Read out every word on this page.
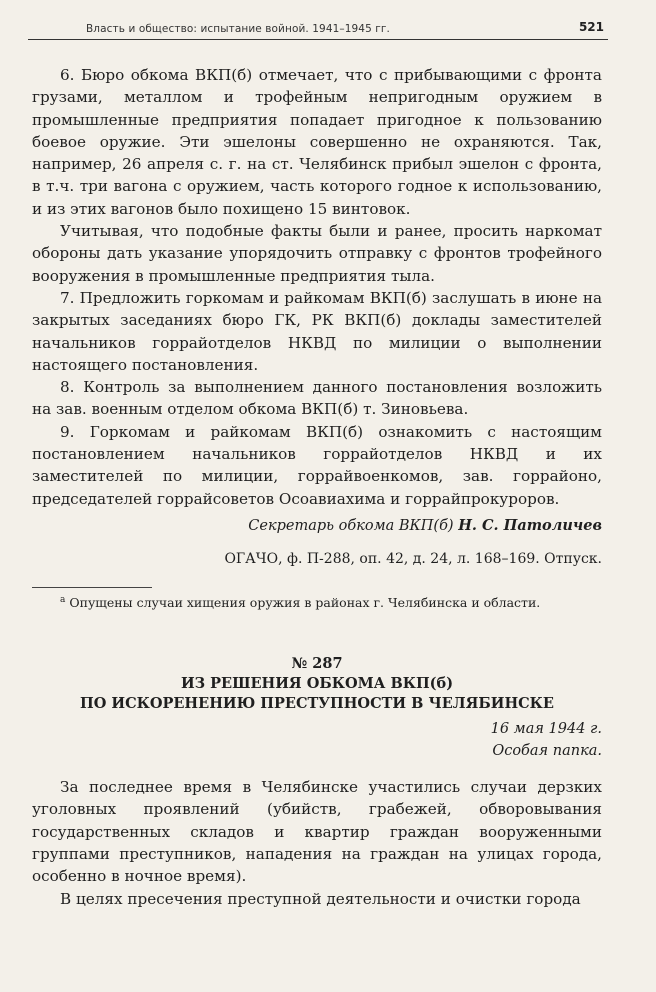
Власть и общество: испытание войной. 1941–1945 гг.	521

6. Бюро обкома ВКП(б) отмечает, что с прибывающими с фронта грузами, металлом и трофейным непригодным оружием в промышленные предприятия попадает пригодное к пользованию боевое оружие. Эти эшелоны совершенно не охраняются. Так, например, 26 апреля с. г. на ст. Челябинск прибыл эшелон с фронта, в т.ч. три вагона с оружием, часть которого годное к использованию, и из этих вагонов было похищено 15 винтовок.

Учитывая, что подобные факты были и ранее, просить наркомат обороны дать указание упорядочить отправку с фронтов трофейного вооружения в промышленные предприятия тыла.

7. Предложить горкомам и райкомам ВКП(б) заслушать в июне на закрытых заседаниях бюро ГК, РК ВКП(б) доклады заместителей начальников горрайотделов НКВД по милиции о выполнении настоящего постановления.

8. Контроль за выполнением данного постановления возложить на зав. военным отделом обкома ВКП(б) т. Зиновьева.

9. Горкомам и райкомам ВКП(б) ознакомить с настоящим постановлением начальников горрайотделов НКВД и их заместителей по милиции, горрайвоенкомов, зав. горрайоно, председателей горрайсоветов Осоавиахима и горрайпрокуроров.

Секретарь обкома ВКП(б) Н. С. Патоличев
ОГАЧО, ф. П-288, оп. 42, д. 24, л. 168–169. Отпуск.
$^a$ Опущены случаи хищения оружия в районах г. Челябинска и области.
№ 287
ИЗ РЕШЕНИЯ ОБКОМА ВКП(б)
ПО ИСКОРЕНЕНИЮ ПРЕСТУПНОСТИ В ЧЕЛЯБИНСКЕ
16 мая 1944 г.
Особая папка.

За последнее время в Челябинске участились случаи дерзких уголовных проявлений (убийств, грабежей, обворовывания государственных складов и квартир граждан вооруженными группами преступников, нападения на граждан на улицах города, особенно в ночное время).

В целях пресечения преступной деятельности и очистки города
